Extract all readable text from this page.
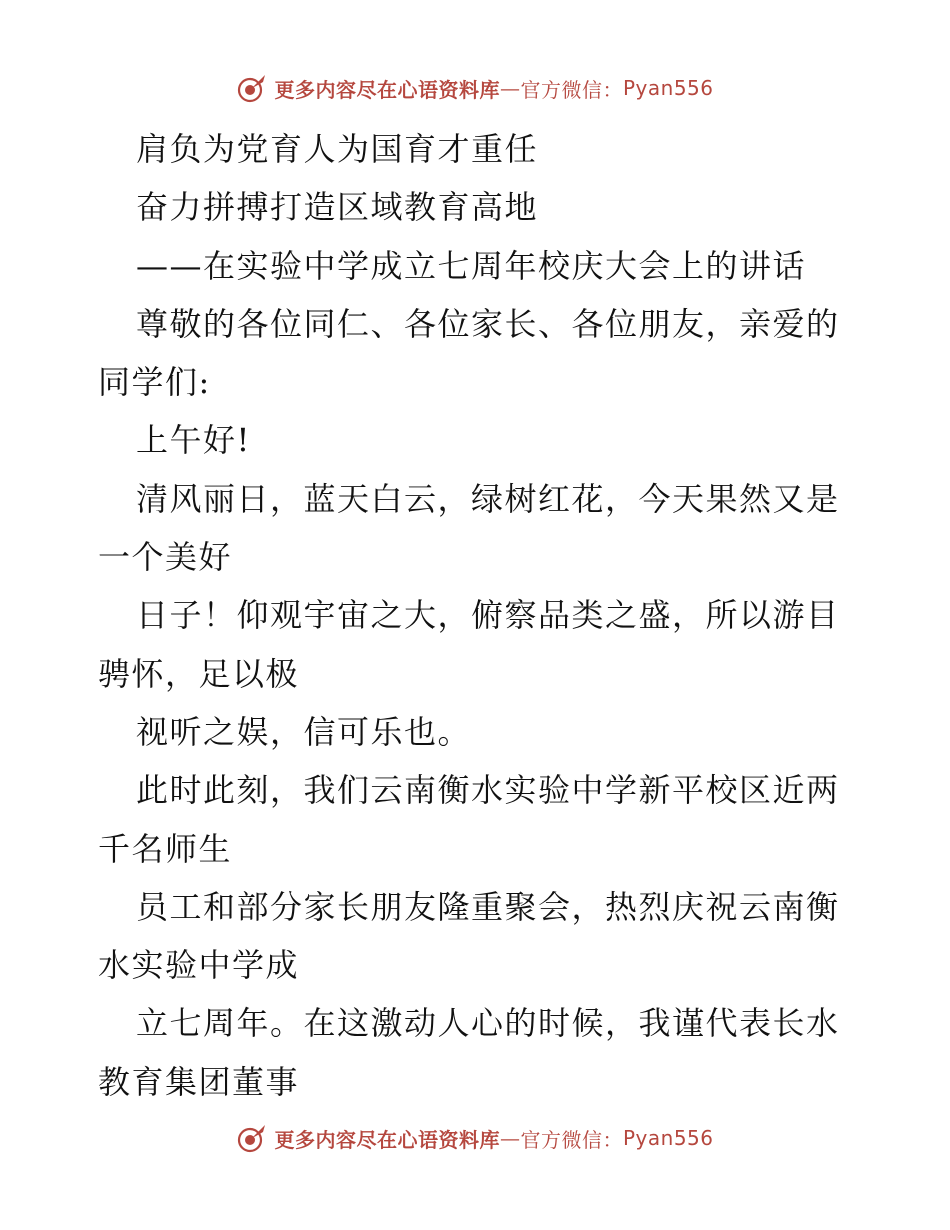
更多内容尽在心语资料库 — 官方微信： Pyan556
肩负为党育人为国育才重任
奋力拼搏打造区域教育高地
——在实验中学成立七周年校庆大会上的讲话
尊敬的各位同仁、各位家长、各位朋友，亲爱的
同学们:
上午好!
清风丽日，蓝天白云，绿树红花，今天果然又是
一个美好
日子！仰观宇宙之大，俯察品类之盛，所以游目
骋怀，足以极
视听之娱，信可乐也。
此时此刻，我们云南衡水实验中学新平校区近两
千名师生
员工和部分家长朋友隆重聚会，热烈庆祝云南衡
水实验中学成
立七周年。在这激动人心的时候，我谨代表长水
教育集团董事
更多内容尽在心语资料库 — 官方微信： Pyan556
